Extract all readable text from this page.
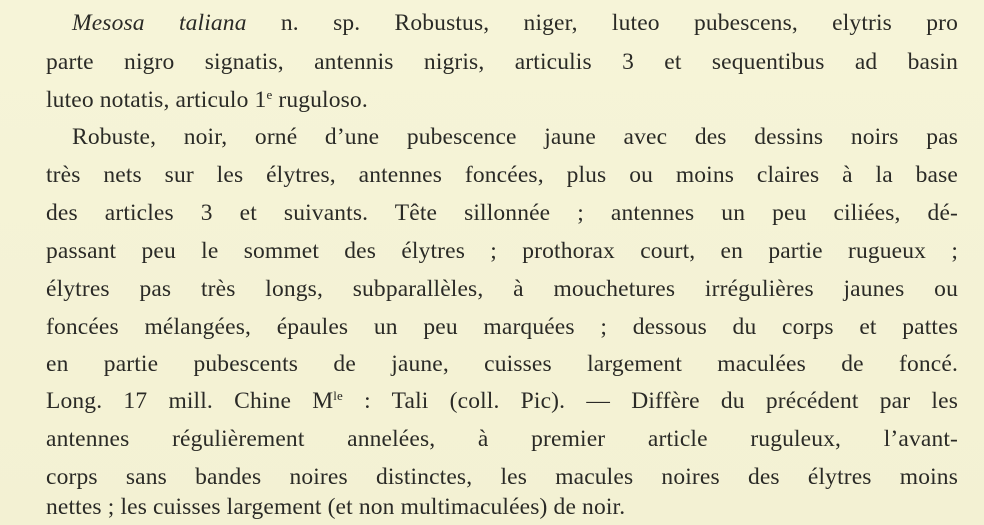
Mesosa taliana n. sp. Robustus, niger, luteo pubescens, elytris pro
parte nigro signatis, antennis nigris, articulis 3 et sequentibus ad basin
luteo notatis, articulo 1e ruguloso.
Robuste, noir, orné d’une pubescence jaune avec des dessins noirs pas
très nets sur les élytres, antennes foncées, plus ou moins claires à la base
des articles 3 et suivants. Tête sillonnée ; antennes un peu ciliées, dé-
passant peu le sommet des élytres ; prothorax court, en partie rugueux ;
élytres pas très longs, subparallèles, à mouchetures irrégulières jaunes ou
foncées mélangées, épaules un peu marquées ; dessous du corps et pattes
en partie pubescents de jaune, cuisses largement maculées de foncé.
Long. 17 mill. Chine $M^{le}$ : Tali (coll. Pic). — Diffère du précédent par les
antennes régulièrement annelées, à premier article ruguleux, l’avant-
corps sans bandes noires distinctes, les macules noires des élytres moins
nettes ; les cuisses largement (et non multimaculées) de noir.
